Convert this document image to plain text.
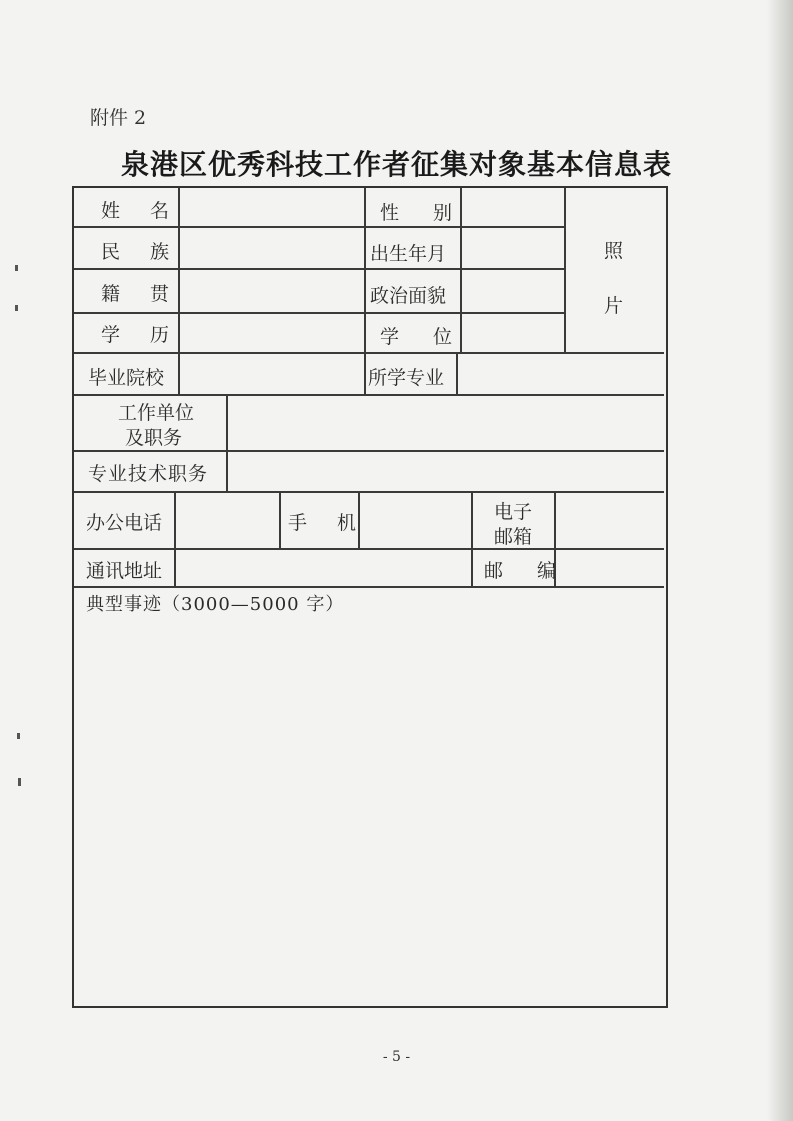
附件 2
泉港区优秀科技工作者征集对象基本信息表
姓 名	性 别
照
片
民 族	出生年月
籍 贯	政治面貌
学 历	学 位
毕业院校	所学专业
工作单位
及职务
专业技术职务
办公电话	手 机	电子
邮箱
通讯地址	邮 编
典型事迹（3000—5000 字）
- 5 -
